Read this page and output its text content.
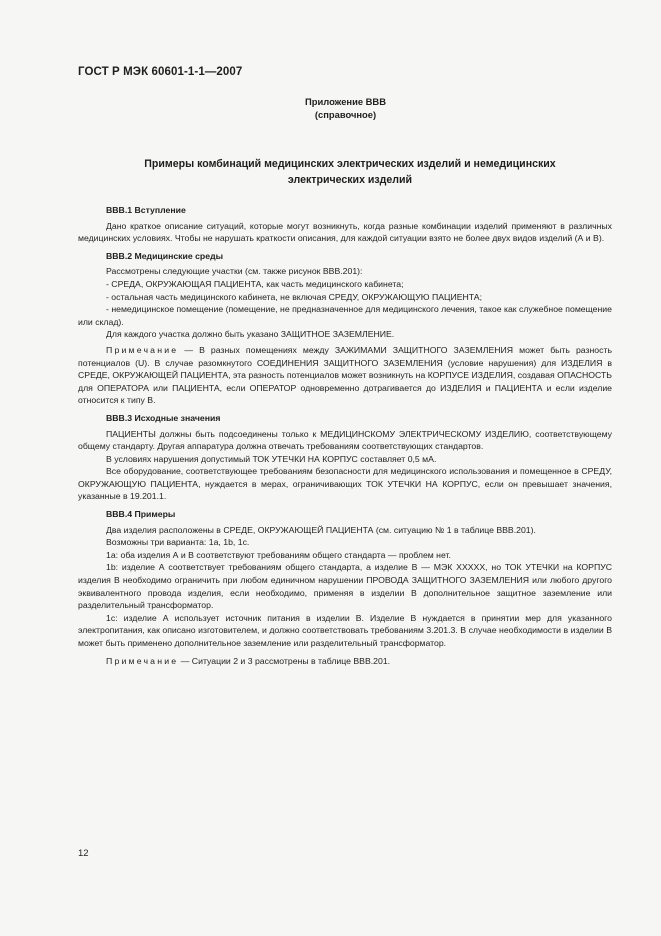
ГОСТ Р МЭК 60601-1-1—2007
Приложение ВВВ
(справочное)
Примеры комбинаций медицинских электрических изделий и немедицинских
электрических изделий
ВВВ.1 Вступление

Дано краткое описание ситуаций, которые могут возникнуть, когда разные комбинации изделий применяют в различных медицинских условиях. Чтобы не нарушать краткости описания, для каждой ситуации взято не более двух видов изделий (А и В).

ВВВ.2 Медицинские среды

Рассмотрены следующие участки (см. также рисунок ВВВ.201):

- СРЕДА, ОКРУЖАЮЩАЯ ПАЦИЕНТА, как часть медицинского кабинета;

- остальная часть медицинского кабинета, не включая СРЕДУ, ОКРУЖАЮЩУЮ ПАЦИЕНТА;

- немедицинское помещение (помещение, не предназначенное для медицинского лечения, такое как служебное помещение или склад).

Для каждого участка должно быть указано ЗАЩИТНОЕ ЗАЗЕМЛЕНИЕ.

Примечание — В разных помещениях между ЗАЖИМАМИ ЗАЩИТНОГО ЗАЗЕМЛЕНИЯ может быть разность потенциалов (U). В случае разомкнутого СОЕДИНЕНИЯ ЗАЩИТНОГО ЗАЗЕМЛЕНИЯ (условие нарушения) для ИЗДЕЛИЯ в СРЕДЕ, ОКРУЖАЮЩЕЙ ПАЦИЕНТА, эта разность потенциалов может возникнуть на КОРПУСЕ ИЗДЕЛИЯ, создавая ОПАСНОСТЬ для ОПЕРАТОРА или ПАЦИЕНТА, если ОПЕРАТОР одновременно дотрагивается до ИЗДЕЛИЯ и ПАЦИЕНТА и если изделие относится к типу В.

ВВВ.3 Исходные значения

ПАЦИЕНТЫ должны быть подсоединены только к МЕДИЦИНСКОМУ ЭЛЕКТРИЧЕСКОМУ ИЗДЕЛИЮ, соответствующему общему стандарту. Другая аппаратура должна отвечать требованиям соответствующих стандартов.

В условиях нарушения допустимый ТОК УТЕЧКИ НА КОРПУС составляет 0,5 мА.

Все оборудование, соответствующее требованиям безопасности для медицинского использования и помещенное в СРЕДУ, ОКРУЖАЮЩУЮ ПАЦИЕНТА, нуждается в мерах, ограничивающих ТОК УТЕЧКИ НА КОРПУС, если он превышает значения, указанные в 19.201.1.

ВВВ.4 Примеры

Два изделия расположены в СРЕДЕ, ОКРУЖАЮЩЕЙ ПАЦИЕНТА (см. ситуацию № 1 в таблице ВВВ.201).

Возможны три варианта: 1а, 1b, 1c.

1a: оба изделия А и В соответствуют требованиям общего стандарта — проблем нет.

1b: изделие А соответствует требованиям общего стандарта, а изделие В — МЭК XXXXX, но ТОК УТЕЧКИ на КОРПУС изделия В необходимо ограничить при любом единичном нарушении ПРОВОДА ЗАЩИТНОГО ЗАЗЕМЛЕНИЯ или любого другого эквивалентного провода изделия, если необходимо, применяя в изделии В дополнительное защитное заземление или разделительный трансформатор.

1c: изделие А использует источник питания в изделии В. Изделие В нуждается в принятии мер для указанного электропитания, как описано изготовителем, и должно соответствовать требованиям 3.201.3. В случае необходимости в изделии В может быть применено дополнительное заземление или разделительный трансформатор.

Примечание — Ситуации 2 и 3 рассмотрены в таблице ВВВ.201.

12
